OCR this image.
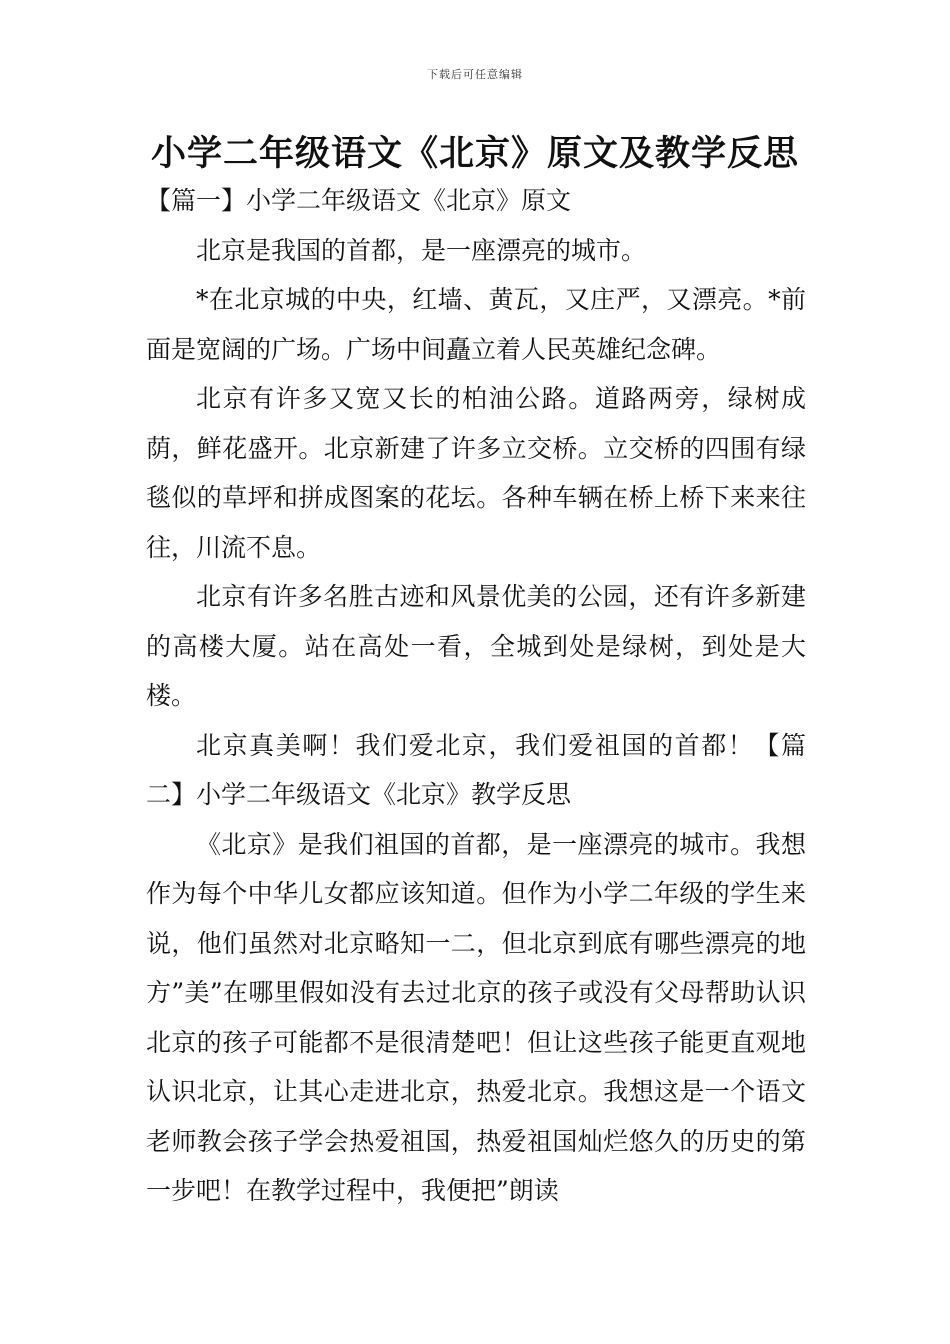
下载后可任意编辑
小学二年级语文《北京》原文及教学反思

【篇一】小学二年级语文《北京》原文

北京是我国的首都，是一座漂亮的城市。

*在北京城的中央，红墙、黄瓦，又庄严，又漂亮。*前面是宽阔的广场。广场中间矗立着人民英雄纪念碑。

北京有许多又宽又长的柏油公路。道路两旁，绿树成荫，鲜花盛开。北京新建了许多立交桥。立交桥的四围有绿毯似的草坪和拼成图案的花坛。各种车辆在桥上桥下来来往往，川流不息。

北京有许多名胜古迹和风景优美的公园，还有许多新建的高楼大厦。站在高处一看，全城到处是绿树，到处是大楼。

北京真美啊！我们爱北京，我们爱祖国的首都！【篇二】小学二年级语文《北京》教学反思

《北京》是我们祖国的首都，是一座漂亮的城市。我想作为每个中华儿女都应该知道。但作为小学二年级的学生来说，他们虽然对北京略知一二，但北京到底有哪些漂亮的地方”美”在哪里假如没有去过北京的孩子或没有父母帮助认识北京的孩子可能都不是很清楚吧！但让这些孩子能更直观地认识北京，让其心走进北京，热爱北京。我想这是一个语文老师教会孩子学会热爱祖国，热爱祖国灿烂悠久的历史的第一步吧！在教学过程中，我便把”朗读
